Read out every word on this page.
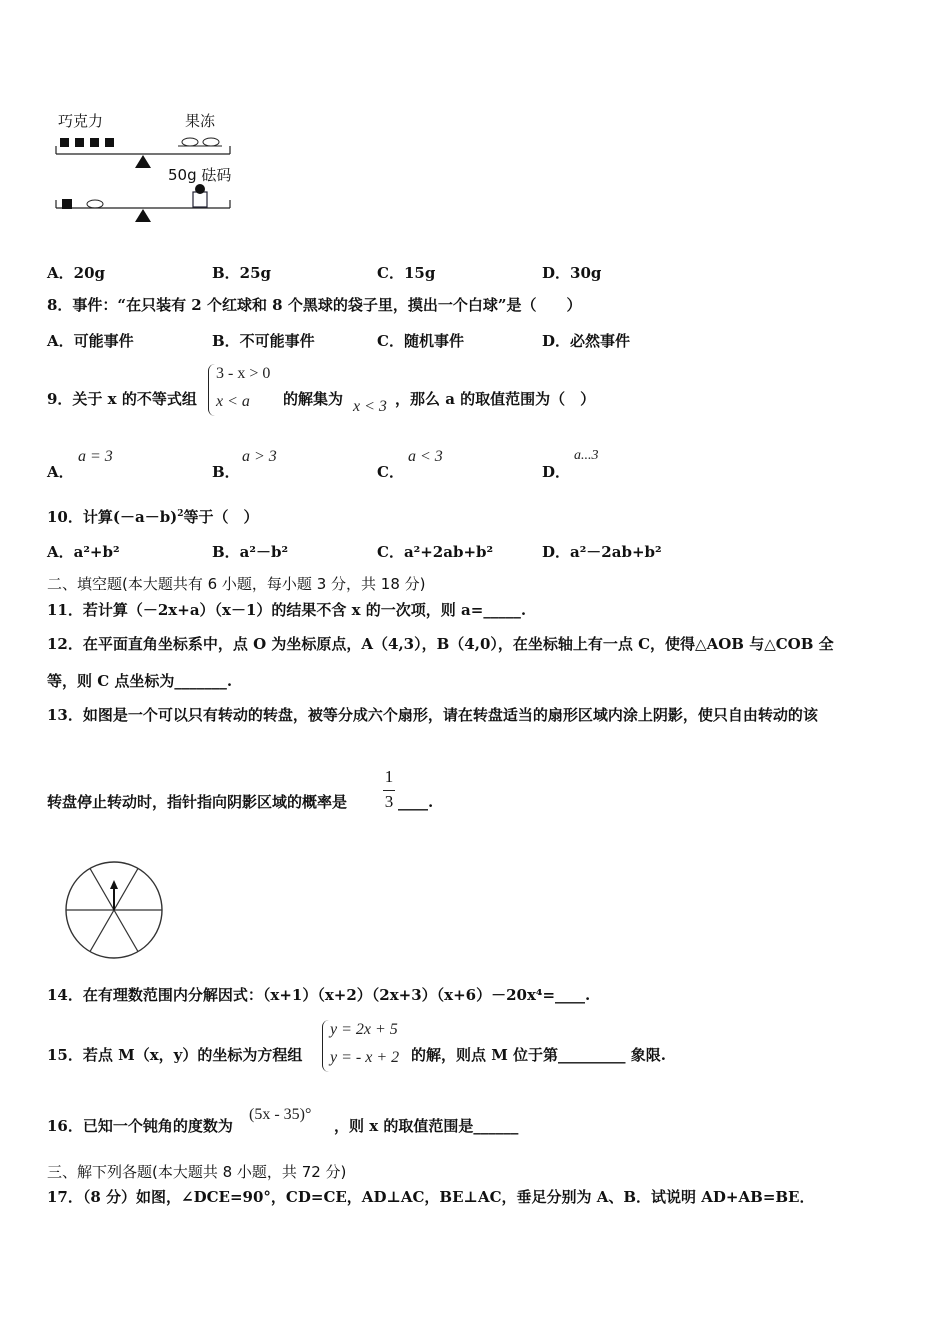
巧克力	果冻
50g 砝码
A．20g	B．25g	C．15g	D．30g
8．事件：“在只装有 2 个红球和 8 个黑球的袋子里，摸出一个白球”是（　　）
A．可能事件	B．不可能事件	C．随机事件	D．必然事件
9．关于 x 的不等式组
3 - x > 0
x < a 的解集为 x < 3 ，那么 a 的取值范围为（　）
A．
a = 3
B．
a > 3
C．
a < 3
D．
a...3
10．计算$(-a-b)^2$等于（　）
A．a²+b²	B．a²－b²	C．a²+2ab+b²	D．a²－2ab+b²
二、填空题(本大题共有 6 小题，每小题 3 分，共 18 分)
11．若计算（－2x+a）（x－1）的结果不含 x 的一次项，则 a=_____.
12．在平面直角坐标系中，点 O 为坐标原点，A（4,3），B（4,0），在坐标轴上有一点 C，使得△AOB 与△COB 全
等，则 C 点坐标为_______.
13．如图是一个可以只有转动的转盘，被等分成六个扇形，请在转盘适当的扇形区域内涂上阴影，使只自由转动的该
转盘停止转动时，指针指向阴影区域的概率是
1
3 ____.
14．在有理数范围内分解因式：（x+1）（x+2）（2x+3）（x+6）－20x⁴=____.
15．若点 M（x，y）的坐标为方程组
y = 2x + 5
y = - x + 2 的解，则点 M 位于第_________ 象限.
16．已知一个钝角的度数为
(5x - 35)°
，则 x 的取值范围是______
三、解下列各题(本大题共 8 小题，共 72 分)
17．（8 分）如图，∠DCE=90°，CD=CE，AD⊥AC，BE⊥AC，垂足分别为 A、B．试说明 AD+AB=BE．
